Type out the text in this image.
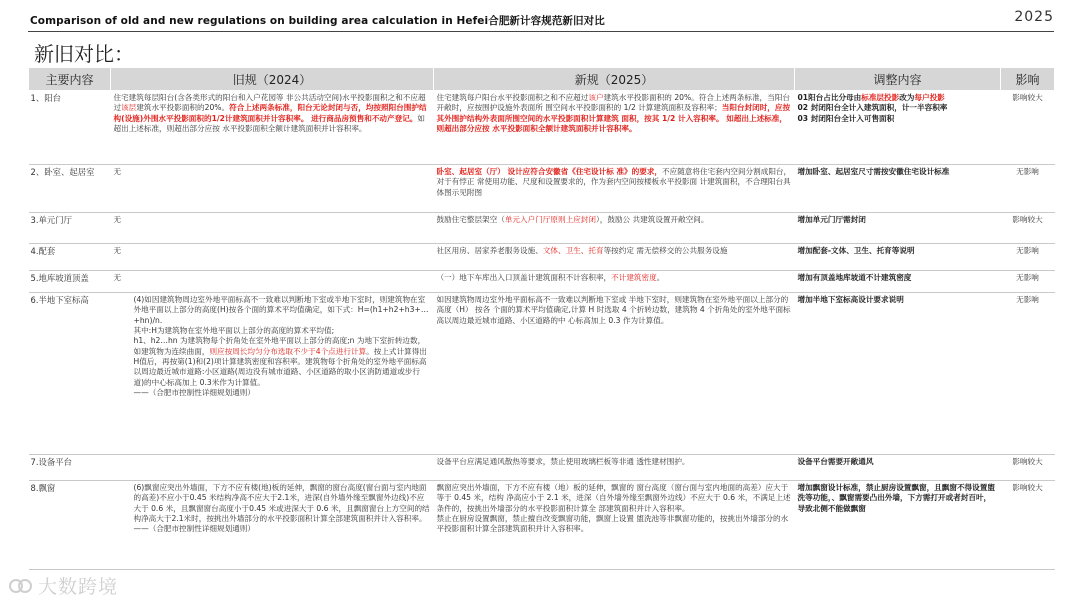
Comparison of old and new regulations on building area calculation in Hefei合肥新计容规范新旧对比	2025
新旧对比：
主要内容	旧规（2024）	新规（2025）	调整内容	影响
1、阳台	住宅建筑每层阳台(含各类形式的阳台和入户花园等 非公共活动空间)水平投影面积之和不应超过该层建筑水平投影面积的20%。符合上述两条标准，阳台无论封闭与否，均按照阳台围护结构(设施)外围水平投影面积的1/2计建筑面积并计容积率。 进行商品房预售和不动产登记。如超出上述标准，则超出部分应按 水平投影面积全额计建筑面积并计容积率。	住宅建筑每户阳台水平投影面积之和不应超过该户建筑水平投影面积的 20%。符合上述两条标准，当阳台开敞时，应按围护设施外表面所 围空间水平投影面积的 1/2 计算建筑面积及容积率；当阳台封闭时，应按其外围护结构外表面所围空间的水平投影面积计算建筑 面积，按其 1/2 计入容积率。 如超出上述标准，则超出部分应按 水平投影面积全额计建筑面积并计容积率。	01阳台占比分母由标准层投影改为每户投影
02 封闭阳台全计入建筑面积，计一半容积率
03 封闭阳台全计入可售面积	影响较大
2、卧室、起居室	无	卧室、起居室（厅） 设计应符合安徽省《住宅设计标 准》的要求，不应随意将住宅套内空间分割成阳台，对于有悖正 常使用功能、尺度和设置要求的，作为套内空间按楼板水平投影面 计建筑面积，不合理阳台具体图示见附图	增加卧室、起居室尺寸需按安徽住宅设计标准	无影响
3.单元门厅	无	鼓励住宅整层架空（单元入户门厅原则上应封闭），鼓励公 共建筑设置开敞空间。	增加单元门厅需封闭	影响较大
4.配套	无	社区用房、居家养老服务设施、文体、卫生、托育等按约定 需无偿移交的公共服务设施	增加配套-文体、卫生、托育等说明	无影响
5.地库坡道顶盖	无	（一）地下车库出入口顶盖计建筑面积不计容积率，不计建筑密度。	增加有顶盖地库坡道不计建筑密度	无影响
6.半地下室标高	(4)如因建筑物周边室外地平面标高不一致难以判断地下室或半地下室时，则建筑物在室外地平面以上部分的高度(H)按各个面的算术平均值确定，如下式：H=(h1+h2+h3+…+hn)/n.
其中:H为建筑物在室外地平面以上部分的高度的算术平均值;
h1、h2…hn 为建筑物每个折角处在室外地平面以上部分的高度;n 为地下室折转边数，如建筑物为连续曲面，则应按周长均匀分布选取不少于4个点进行计算。按上式计算得出H值后，再按第(1)和(2)项计算建筑密度和容积率。建筑物每个折角处的室外地平面标高以周边最近城市道路:小区道路(周边没有城市道路、小区道路的取小区消防通道或步行道)的中心标高加上 0.3米作为计算值。
——（合肥市控制性详细规划通则）	如因建筑物周边室外地平面标高不一致难以判断地下室或 半地下室时，则建筑物在室外地平面以上部分的高度（H） 按各 个面的算术平均值确定,计算 H 时选取 4 个折转边数，建筑物 4 个折角处的室外地平面标高以周边最近城市道路、小区道路的中 心标高加上 0.3 作为计算值。	增加半地下室标高设计要求说明	无影响
7.设备平台		设备平台应满足通风散热等要求，禁止使用玻璃栏板等非通 透性建材围护。	设备平台需要开敞通风	影响较大
8.飘窗	(6)飘窗应突出外墙面，下方不应有楼(地)板的延伸，飘窗的窗台高度(窗台面与室内地面的高差)不应小于0.45 米结构净高不应大于2.1米，进深(自外墙外缘至飘窗外边线)不应大于 0.6 米，且飘窗窗台高度小于0.45 米或进深大于 0.6 米，且飘窗窗台上方空间的结构净高大于2.1米时，按挑出外墙部分的水平投影面积计算全部建筑面积并计入容积率。——（合肥市控制性详细规划通则）	飘窗应突出外墙面，下方不应有楼（地）板的延伸，飘窗的 窗台高度（窗台面与室内地面的高差）应大于等于 0.45 米，结构 净高应小于 2.1 米，进深（自外墙外缘至飘窗外边线）不应大于 0.6 米，不满足上述条件的，按挑出外墙部分的水平投影面积计算全 部建筑面积并计入容积率。
禁止在厨房设置飘窗，禁止擅自改变飘窗功能，飘窗上设置 盥洗池等非飘窗功能的，按挑出外墙部分的水平投影面积计算全部建筑面积并计入容积率。	增加飘窗设计标准，禁止厨房设置飘窗，且飘窗不得设置盥洗等功能，、飘窗需要凸出外墙，下方需打开或者封百叶，导致北侧不能做飘窗	影响较大
大数跨境
